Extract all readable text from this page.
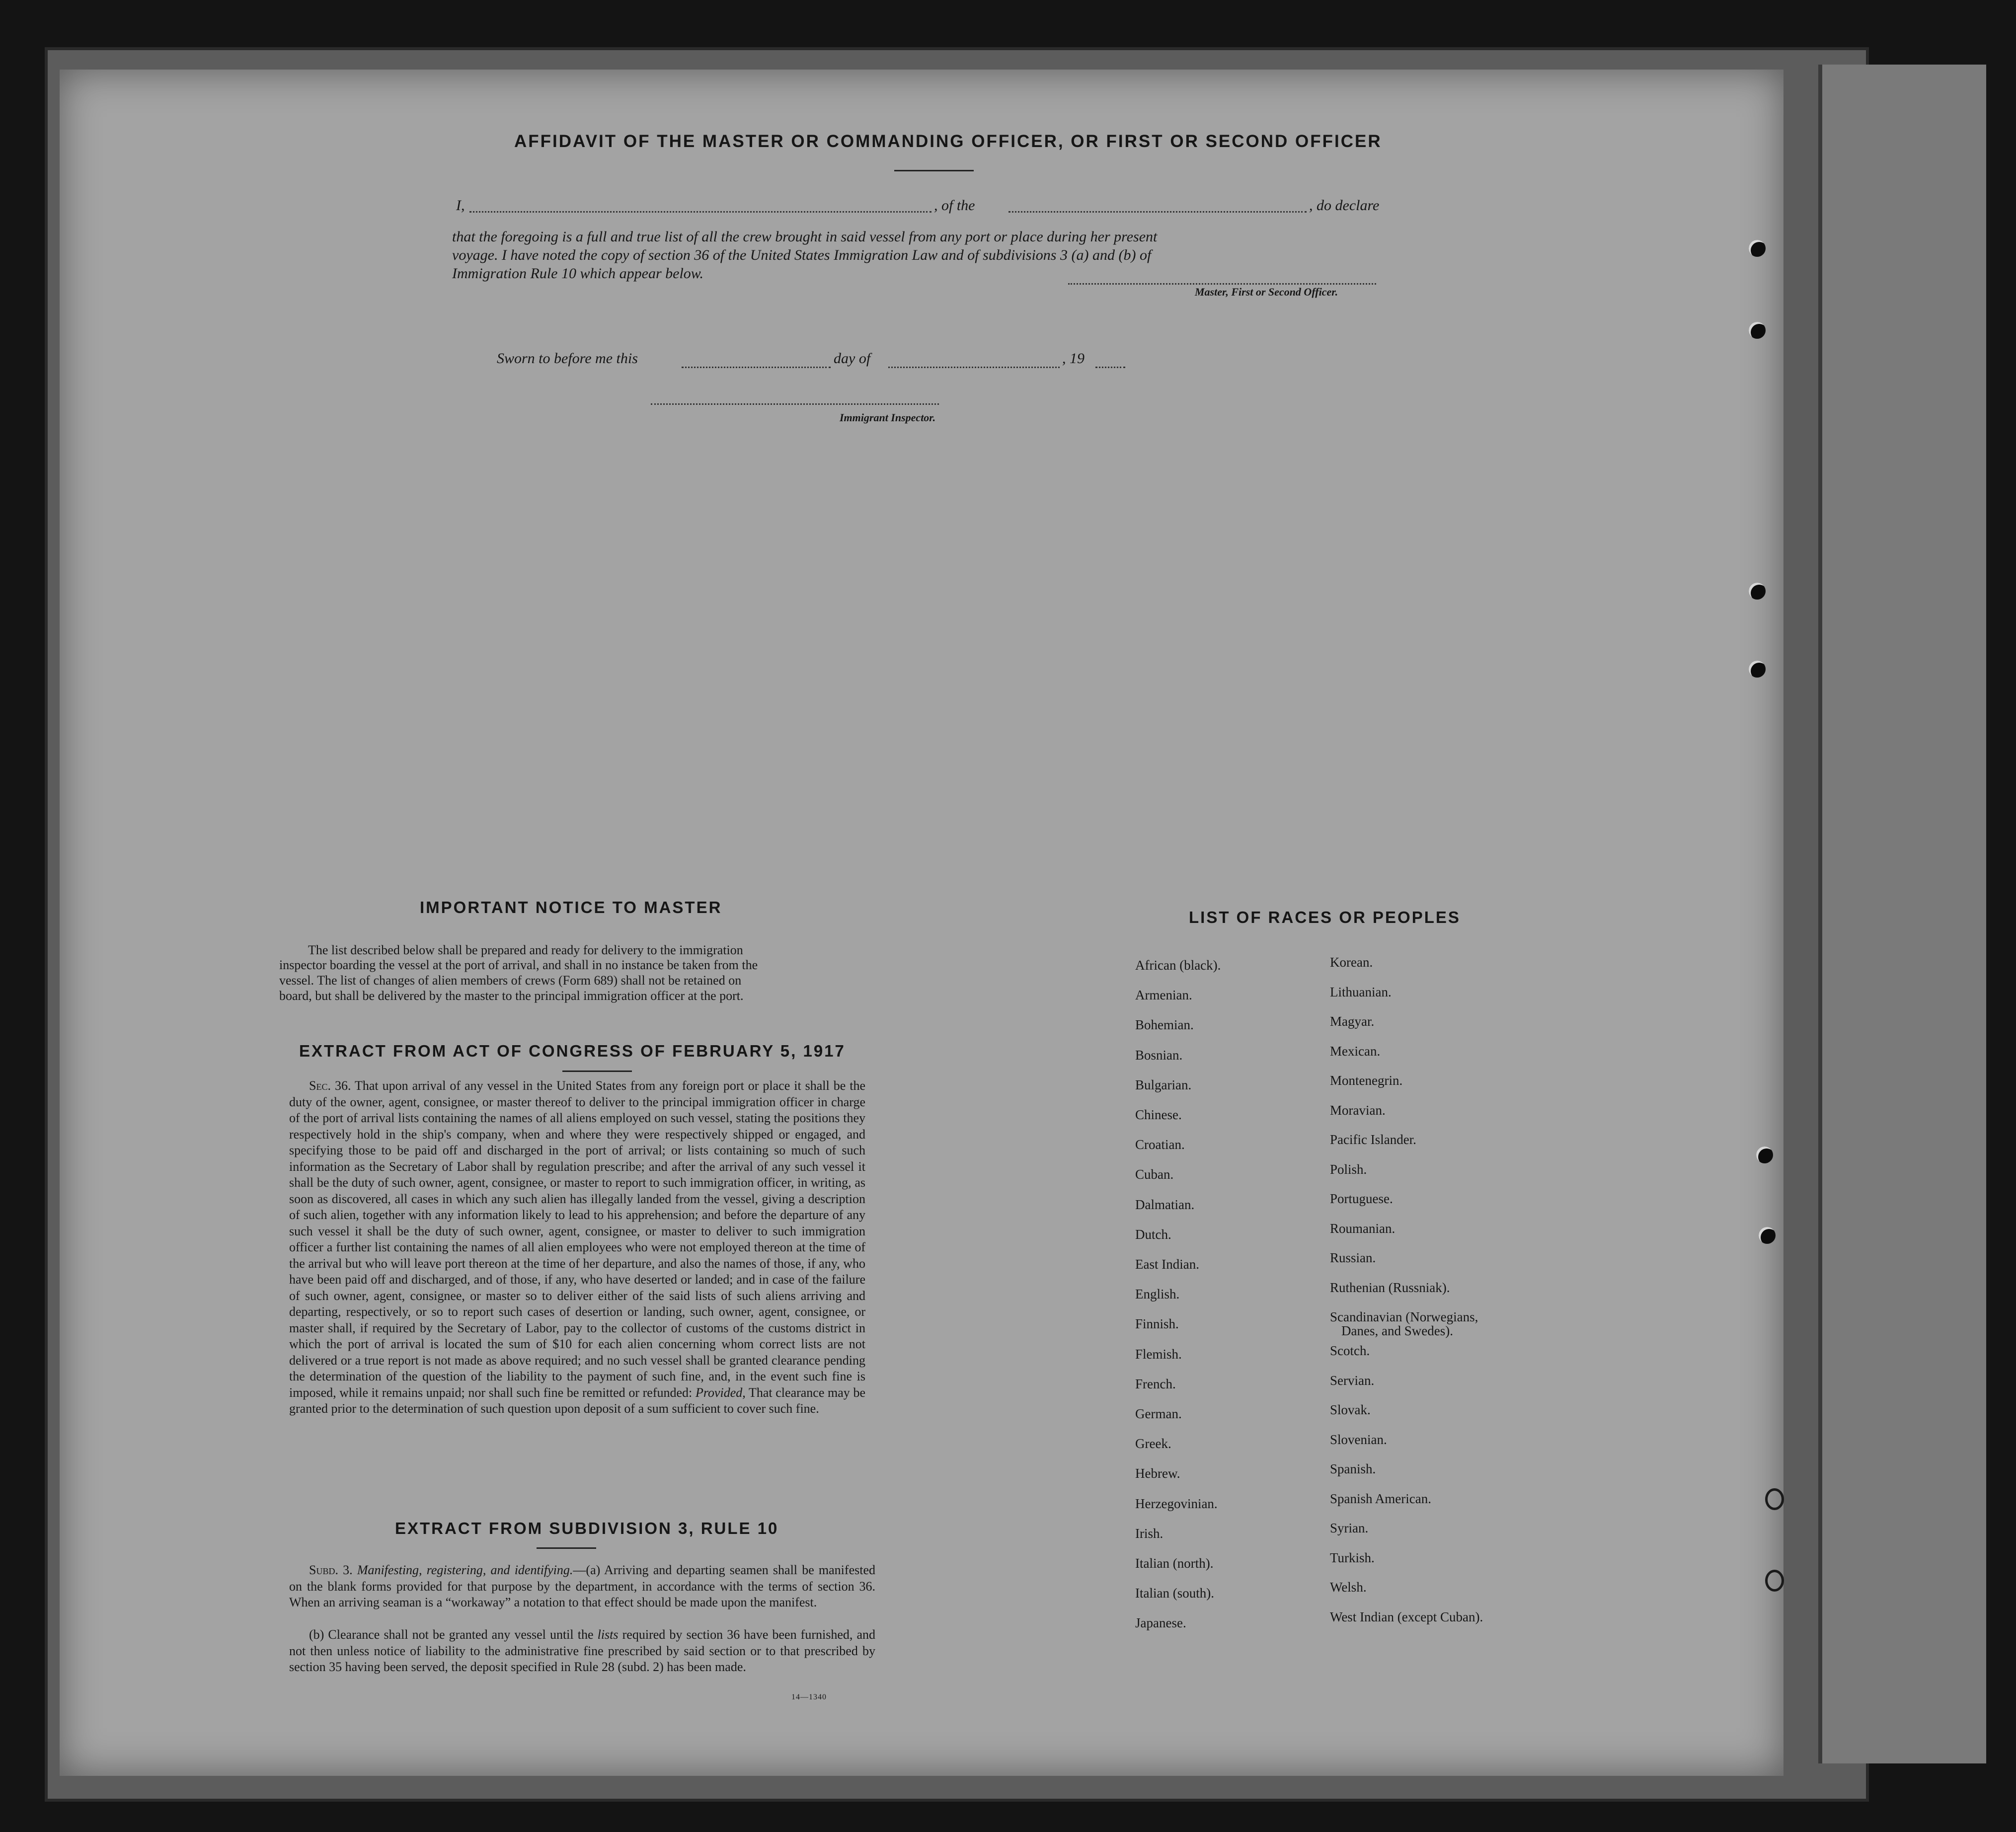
AFFIDAVIT OF THE MASTER OR COMMANDING OFFICER, OR FIRST OR SECOND OFFICER
I,	, of the	, do declare
that the foregoing is a full and true list of all the crew brought in said vessel from any port or place during her present
voyage. I have noted the copy of section 36 of the United States Immigration Law and of subdivisions 3 (a) and (b) of
Immigration Rule 10 which appear below.
Master, First or Second Officer.
Sworn to before me this	day of	, 19
Immigrant Inspector.
IMPORTANT NOTICE TO MASTER
The list described below shall be prepared and ready for delivery to the immigration
inspector boarding the vessel at the port of arrival, and shall in no instance be taken from the
vessel. The list of changes of alien members of crews (Form 689) shall not be retained on
board, but shall be delivered by the master to the principal immigration officer at the port.
EXTRACT FROM ACT OF CONGRESS OF FEBRUARY 5, 1917
Sec. 36. That upon arrival of any vessel in the United States from any foreign port or place it shall be the duty of the owner, agent, consignee, or master thereof to deliver to the principal immigration officer in charge of the port of arrival lists containing the names of all aliens employed on such vessel, stating the positions they respectively hold in the ship's company, when and where they were respectively shipped or engaged, and specifying those to be paid off and discharged in the port of arrival; or lists containing so much of such information as the Secretary of Labor shall by regulation prescribe; and after the arrival of any such vessel it shall be the duty of such owner, agent, consignee, or master to report to such immigration officer, in writing, as soon as discovered, all cases in which any such alien has illegally landed from the vessel, giving a description of such alien, together with any information likely to lead to his apprehension; and before the departure of any such vessel it shall be the duty of such owner, agent, consignee, or master to deliver to such immigration officer a further list containing the names of all alien employees who were not employed thereon at the time of the arrival but who will leave port thereon at the time of her departure, and also the names of those, if any, who have been paid off and discharged, and of those, if any, who have deserted or landed; and in case of the failure of such owner, agent, consignee, or master so to deliver either of the said lists of such aliens arriving and departing, respectively, or so to report such cases of desertion or landing, such owner, agent, consignee, or master shall, if required by the Secretary of Labor, pay to the collector of customs of the customs district in which the port of arrival is located the sum of $10 for each alien concerning whom correct lists are not delivered or a true report is not made as above required; and no such vessel shall be granted clearance pending the determination of the question of the liability to the payment of such fine, and, in the event such fine is imposed, while it remains unpaid; nor shall such fine be remitted or refunded: Provided, That clearance may be granted prior to the determination of such question upon deposit of a sum sufficient to cover such fine.
EXTRACT FROM SUBDIVISION 3, RULE 10
Subd. 3. Manifesting, registering, and identifying.—(a) Arriving and departing seamen shall be manifested on the blank forms provided for that purpose by the department, in accordance with the terms of section 36. When an arriving seaman is a “workaway” a notation to that effect should be made upon the manifest.
(b) Clearance shall not be granted any vessel until the lists required by section 36 have been furnished, and not then unless notice of liability to the administrative fine prescribed by said section or to that prescribed by section 35 having been served, the deposit specified in Rule 28 (subd. 2) has been made.
14—1340
LIST OF RACES OR PEOPLES
African (black).
Armenian.
Bohemian.
Bosnian.
Bulgarian.
Chinese.
Croatian.
Cuban.
Dalmatian.
Dutch.
East Indian.
English.
Finnish.
Flemish.
French.
German.
Greek.
Hebrew.
Herzegovinian.
Irish.
Italian (north).
Italian (south).
Japanese.
Korean.
Lithuanian.
Magyar.
Mexican.
Montenegrin.
Moravian.
Pacific Islander.
Polish.
Portuguese.
Roumanian.
Russian.
Ruthenian (Russniak).
Scandinavian (Norwegians,
Danes, and Swedes).
Scotch.
Servian.
Slovak.
Slovenian.
Spanish.
Spanish American.
Syrian.
Turkish.
Welsh.
West Indian (except Cuban).
